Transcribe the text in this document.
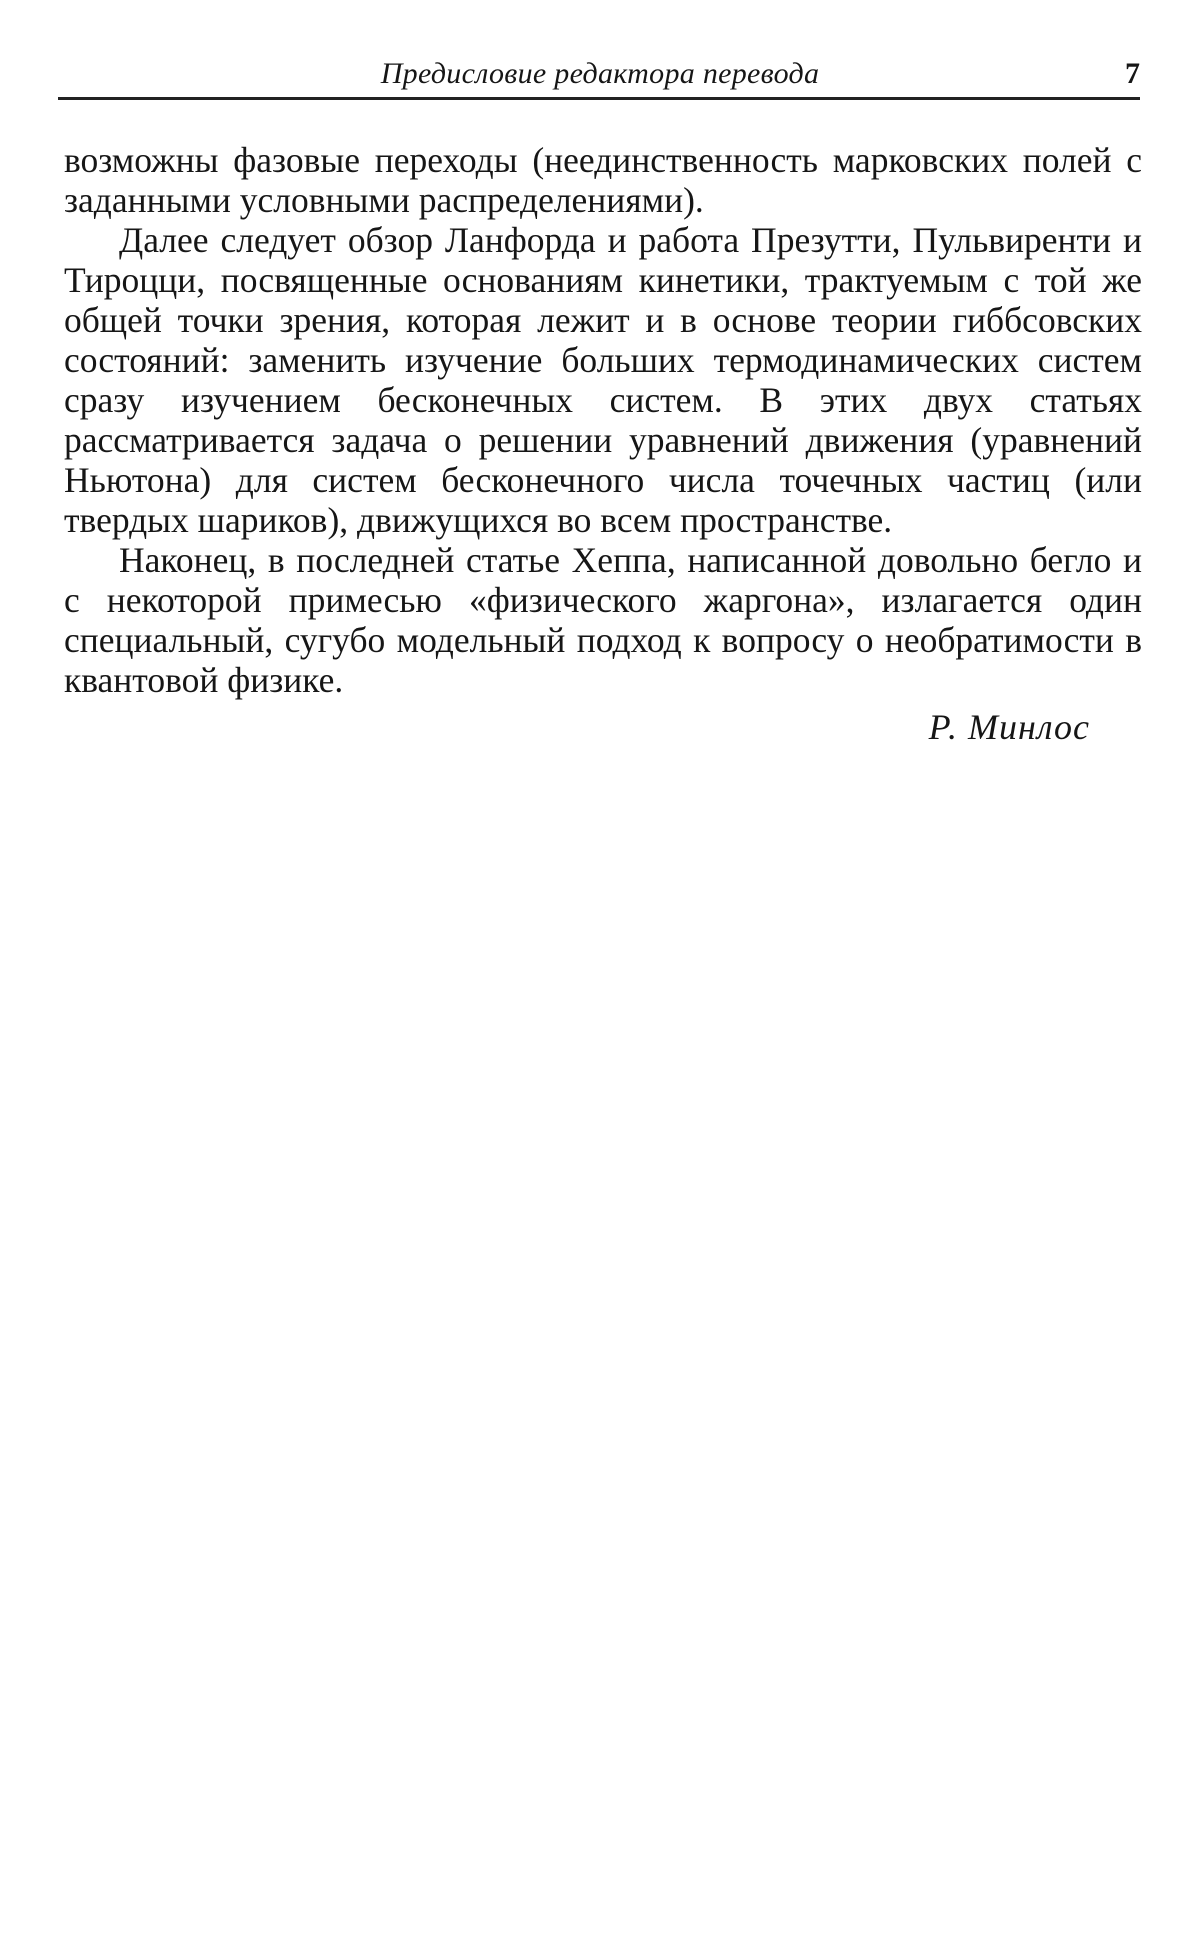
Предисловие редактора перевода	7

возможны фазовые переходы (неединственность марковских полей с заданными условными распределениями).

Далее следует обзор Ланфорда и работа Презутти, Пульвиренти и Тироцци, посвященные основаниям кинетики, трактуемым с той же общей точки зрения, которая лежит и в основе теории гиббсовских состояний: заменить изучение больших термодинамических систем сразу изучением бесконечных систем. В этих двух статьях рассматривается задача о решении уравнений движения (уравнений Ньютона) для систем бесконечного числа точечных частиц (или твердых шариков), движущихся во всем пространстве.

Наконец, в последней статье Хеппа, написанной довольно бегло и с некоторой примесью «физического жаргона», излагается один специальный, сугубо модельный подход к вопросу о необратимости в квантовой физике.

Р. Минлос
